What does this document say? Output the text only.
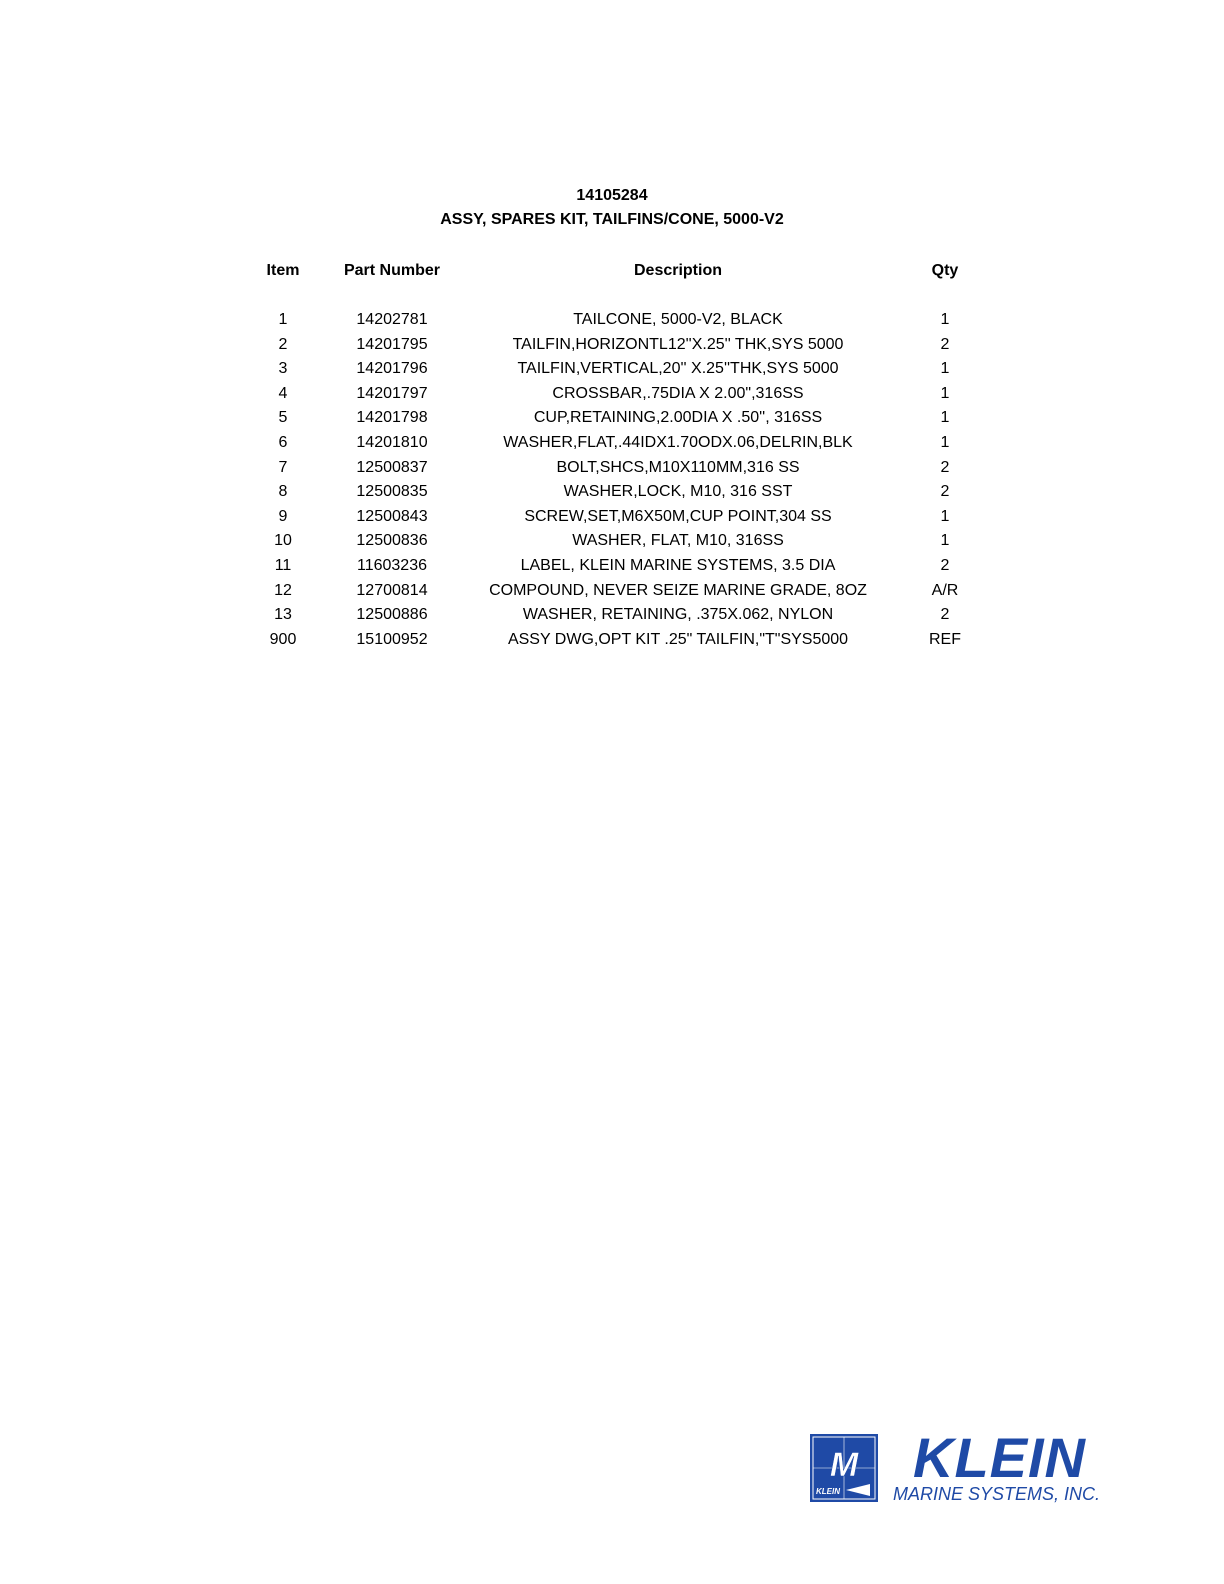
14105284
ASSY, SPARES KIT, TAILFINS/CONE, 5000-V2
Item	Part Number	Description	Qty
1	14202781	TAILCONE, 5000-V2, BLACK	1
2	14201795	TAILFIN,HORIZONTL12''X.25'' THK,SYS 5000	2
3	14201796	TAILFIN,VERTICAL,20'' X.25''THK,SYS 5000	1
4	14201797	CROSSBAR,.75DIA X 2.00",316SS	1
5	14201798	CUP,RETAINING,2.00DIA X .50'', 316SS	1
6	14201810	WASHER,FLAT,.44IDX1.70ODX.06,DELRIN,BLK	1
7	12500837	BOLT,SHCS,M10X110MM,316 SS	2
8	12500835	WASHER,LOCK, M10, 316 SST	2
9	12500843	SCREW,SET,M6X50M,CUP POINT,304 SS	1
10	12500836	WASHER, FLAT, M10, 316SS	1
11	11603236	LABEL, KLEIN MARINE SYSTEMS, 3.5 DIA	2
12	12700814	COMPOUND, NEVER SEIZE MARINE GRADE, 8OZ	A/R
13	12500886	WASHER, RETAINING, .375X.062, NYLON	2
900	15100952	ASSY DWG,OPT KIT .25" TAILFIN,"T"SYS5000	REF
M
KLEIN
KLEIN
MARINE SYSTEMS, INC.
